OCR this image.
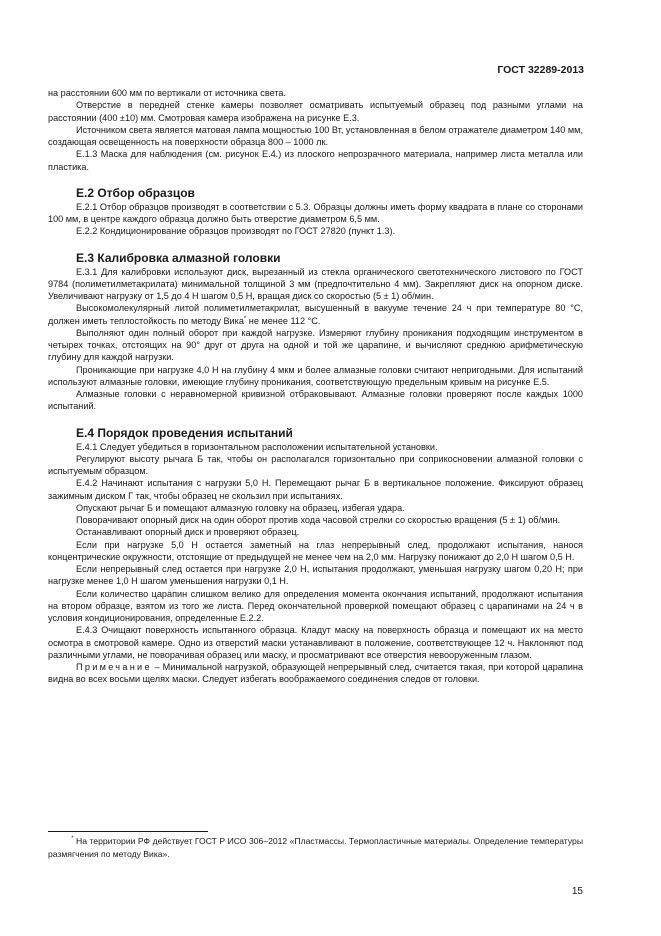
ГОСТ 32289-2013

на расстоянии 600 мм по вертикали от источника света.

Отверстие в передней стенке камеры позволяет осматривать испытуемый образец под разными углами на расстоянии (400 ±10) мм. Смотровая камера изображена на рисунке Е.3.

Источником света является матовая лампа мощностью 100 Вт, установленная в белом отражателе диаметром 140 мм, создающая освещенность на поверхности образца 800 – 1000 лк.

Е.1.3 Маска для наблюдения (см. рисунок Е.4.) из плоского непрозрачного материала, например листа металла или пластика.

Е.2 Отбор образцов

Е.2.1 Отбор образцов производят в соответствии с 5.3. Образцы должны иметь форму квадрата в плане со сторонами 100 мм, в центре каждого образца должно быть отверстие диаметром 6,5 мм.

Е.2.2 Кондиционирование образцов производят по ГОСТ 27820 (пункт 1.3).

Е.3 Калибровка алмазной головки

Е.3.1 Для калибровки используют диск, вырезанный из стекла органического светотехнического листового по ГОСТ 9784 (полиметилметакрилата) минимальной толщиной 3 мм (предпочтительно 4 мм). Закрепляют диск на опорном диске. Увеличивают нагрузку от 1,5 до 4 Н шагом 0,5 Н, вращая диск со скоростью (5 ± 1) об/мин.

Высокомолекулярный литой полиметилметакрилат, высушенный в вакууме течение 24 ч при температуре 80 °С, должен иметь теплостойкость по методу Вика* не менее 112 °С.

Выполняют один полный оборот при каждой нагрузке. Измеряют глубину проникания подходящим инструментом в четырех точках, отстоящих на 90° друг от друга на одной и той же царапине, и вычисляют среднюю арифметическую глубину для каждой нагрузки.

Проникающие при нагрузке 4,0 Н на глубину 4 мкм и более алмазные головки считают непригодными. Для испытаний используют алмазные головки, имеющие глубину проникания, соответствующую предельным кривым на рисунке Е.5.

Алмазные головки с неравномерной кривизной отбраковывают. Алмазные головки проверяют после каждых 1000 испытаний.

Е.4 Порядок проведения испытаний

Е.4.1 Следует убедиться в горизонтальном расположении испытательной установки.

Регулируют высоту рычага Б так, чтобы он располагался горизонтально при соприкосновении алмазной головки с испытуемым образцом.

Е.4.2 Начинают испытания с нагрузки 5,0 Н. Перемещают рычаг Б в вертикальное положение. Фиксируют образец зажимным диском Г так, чтобы образец не скользил при испытаниях.

Опускают рычаг Б и помещают алмазную головку на образец, избегая удара.

Поворачивают опорный диск на один оборот против хода часовой стрелки со скоростью вращения (5 ± 1) об/мин.

Останавливают опорный диск и проверяют образец.

Если при нагрузке 5,0 Н остается заметный на глаз непрерывный след, продолжают испытания, нанося концентрические окружности, отстоящие от предыдущей не менее чем на 2,0 мм. Нагрузку понижают до 2,0 Н шагом 0,5 Н.

Если непрерывный след остается при нагрузке 2,0 Н, испытания продолжают, уменьшая нагрузку шагом 0,20 Н; при нагрузке менее 1,0 Н шагом уменьшения нагрузки 0,1 Н.

Если количество царапин слишком велико для определения момента окончания испытаний, продолжают испытания на втором образце, взятом из того же листа. Перед окончательной проверкой помещают образец с царапинами на 24 ч в условия кондиционирования, определенные Е.2.2.

Е.4.3 Очищают поверхность испытанного образца. Кладут маску на поверхность образца и помещают их на место осмотра в смотровой камере. Одно из отверстий маски устанавливают в положение, соответствующее 12 ч. Наклоняют под различными углами, не поворачивая образец или маску, и просматривают все отверстия невооруженным глазом.

Примечание – Минимальной нагрузкой, образующей непрерывный след, считается такая, при которой царапина видна во всех восьми щелях маски. Следует избегать воображаемого соединения следов от головки.

* На территории РФ действует ГОСТ Р ИСО 306–2012 «Пластмассы. Термопластичные материалы. Определение температуры размягчения по методу Вика».
15
